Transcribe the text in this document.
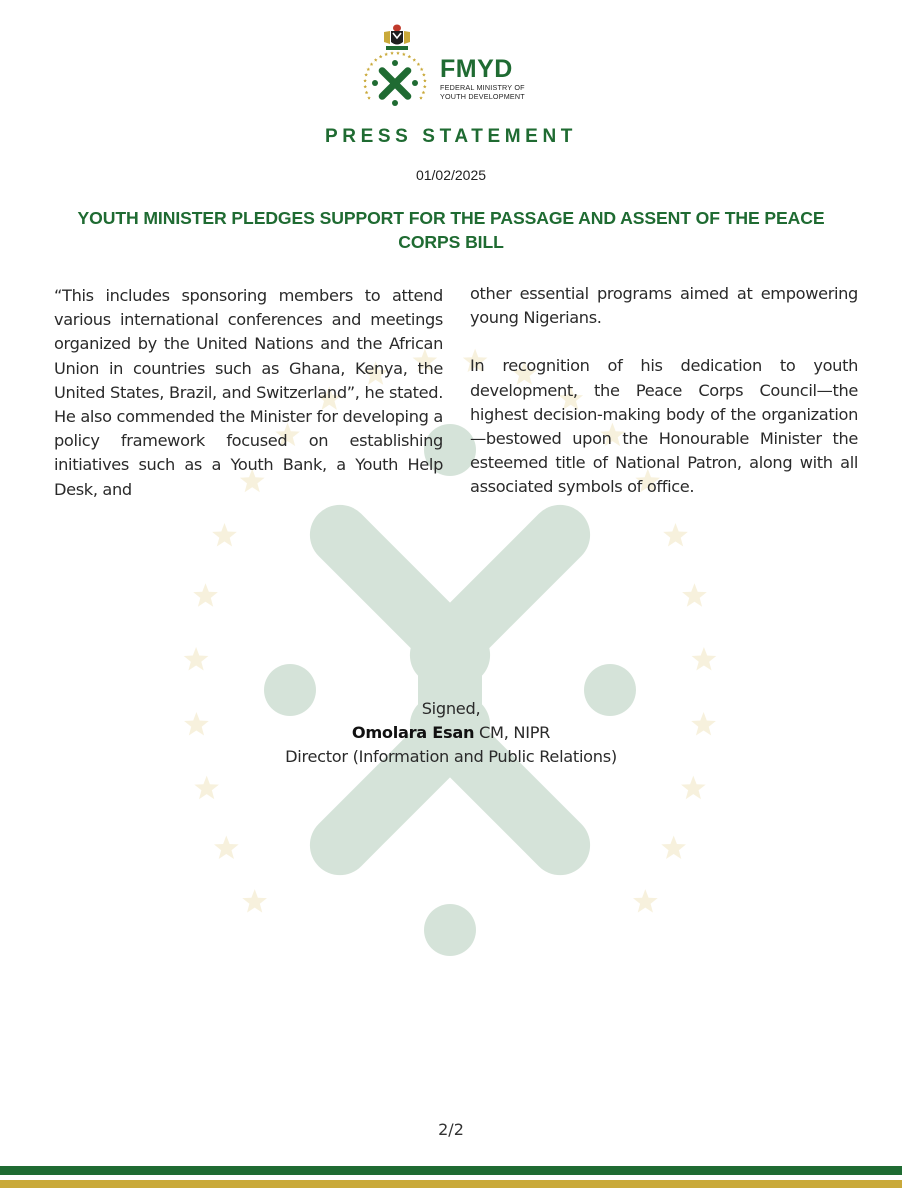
FMYD
FEDERAL MINISTRY OF
YOUTH DEVELOPMENT
PRESS STATEMENT
01/02/2025
YOUTH MINISTER PLEDGES SUPPORT FOR THE PASSAGE AND ASSENT OF THE PEACE CORPS BILL

“This includes sponsoring members to attend various international conferences and meetings organized by the United Nations and the African Union in countries such as Ghana, Kenya, the United States, Brazil, and Switzerland”, he stated. He also commended the Minister for developing a policy framework focused on establishing initiatives such as a Youth Bank, a Youth Help Desk, and

other essential programs aimed at empowering young Nigerians.

In recognition of his dedication to youth development, the Peace Corps Council—the highest decision-making body of the organization—bestowed upon the Honourable Minister the esteemed title of National Patron, along with all associated symbols of office.

Signed,
Omolara Esan CM, NIPR
Director (Information and Public Relations)
2/2
